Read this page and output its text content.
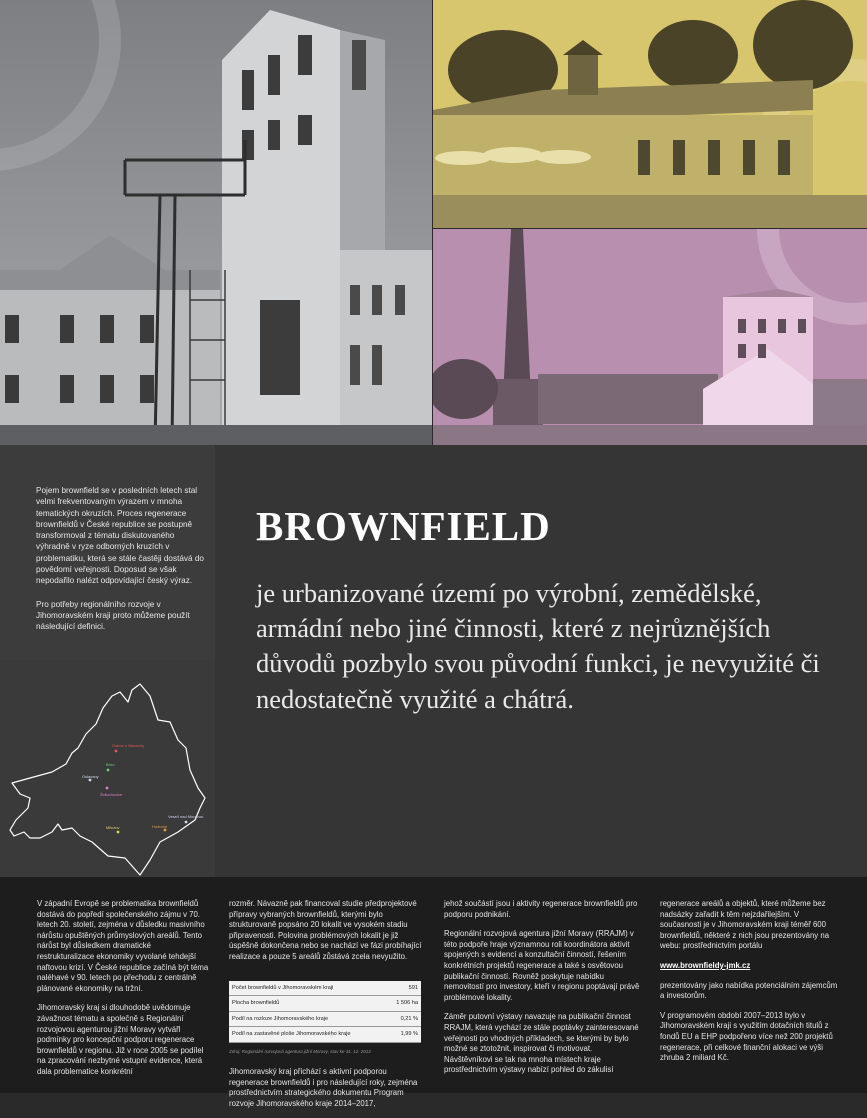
Pojem brownfield se v posledních letech stal velmi frekventovaným výrazem v mnoha tematických okruzích. Proces regenerace brownfieldů v České republice se postupně transformoval z tématu diskutovaného výhradně v ryze odborných kruzích v problematiku, která se stále častěji dostává do povědomí veřejnosti. Doposud se však nepodařilo nalézt odpovídající český výraz.

Pro potřeby regionálního rozvoje v Jihomoravském kraji proto můžeme použít následující definici.

Ostrov u Macochy
Brno
Oslavany
Židlochovice
Mikulov
Veselí nad Moravou
Hodonín
BROWNFIELD

je urbanizované území po výrobní, zemědělské, armádní nebo jiné činnosti, které z nejrůznějších důvodů pozbylo svou původní funkci, je nevyužité či nedostatečně využité a chátrá.

V západní Evropě se problematika brownfieldů dostává do popředí společenského zájmu v 70. letech 20. století, zejména v důsledku masivního nárůstu opuštěných průmyslových areálů. Tento nárůst byl důsledkem dramatické restrukturalizace ekonomiky vyvolané tehdejší naftovou krizí. V České republice začíná být téma naléhavé v 90. letech po přechodu z centrálně plánované ekonomiky na tržní.

Jihomoravský kraj si dlouhodobě uvědomuje závažnost tématu a společně s Regionální rozvojovou agenturou jižní Moravy vytvářl podmínky pro koncepční podporu regenerace brownfieldů v regionu. Již v roce 2005 se podílel na zpracování nezbytné vstupní evidence, která dala problematice konkrétní

rozměr. Návazně pak financoval studie předprojektové přípravy vybraných brownfieldů, kterými bylo strukturovaně popsáno 20 lokalit ve vysokém stadiu připravenosti. Polovina problémových lokalit je již úspěšně dokončena nebo se nachází ve fázi probíhající realizace a pouze 5 areálů zůstává zcela nevyužito.

Počet brownfieldů v Jihomoravském kraji	591
Plocha brownfieldů	1 506 ha
Podíl na rozloze Jihomoravského kraje	0,21 %
Podíl na zastavěné ploše Jihomoravského kraje	1,99 %

Zdroj: Regionální rozvojová agentura jižní Moravy, stav ke 31. 12. 2013

Jihomoravský kraj přichází s aktivní podporou regenerace brownfieldů i pro následující roky, zejména prostřednictvím strategického dokumentu Program rozvoje Jihomoravského kraje 2014–2017,

jehož součástí jsou i aktivity regenerace brownfieldů pro podporu podnikání.

Regionální rozvojová agentura jižní Moravy (RRAJM) v této podpoře hraje významnou roli koordinátora aktivit spojených s evidencí a konzultační činností, řešením konkrétních projektů regenerace a také s osvětovou publikační činností. Rovněž poskytuje nabídku nemovitostí pro investory, kteří v regionu poptávají právě problémové lokality.

Záměr putovní výstavy navazuje na publikační činnost RRAJM, která vychází ze stále poptávky zainteresované veřejnosti po vhodných příkladech, se kterými by bylo možné se ztotožnit, inspirovat či motivovat. Návštěvníkovi se tak na mnoha místech kraje prostřednictvím výstavy nabízí pohled do zákulisí

regenerace areálů a objektů, které můžeme bez nadsázky zařadit k těm nejzdařilejším. V současnosti je v Jihomoravském kraji téměř 600 brownfieldů, některé z nich jsou prezentovány na webu: prostřednictvím portálu

www.brownfieldy-jmk.cz

prezentovány jako nabídka potenciálním zájemcům a investorům.

V programovém období 2007–2013 bylo v Jihomoravském kraji s využitím dotačních titulů z fondů EU a EHP podpořeno více než 200 projektů regenerace, při celkové finanční alokaci ve výši zhruba 2 miliard Kč.
